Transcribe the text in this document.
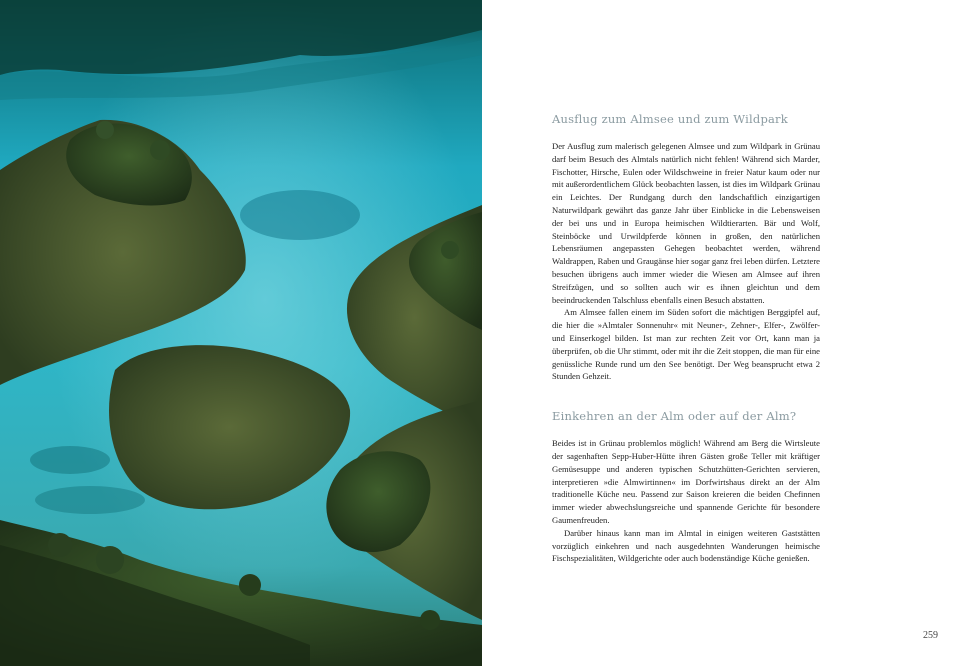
Ausflug zum Almsee und zum Wildpark

Der Ausflug zum malerisch gelegenen Almsee und zum Wildpark in Grünau darf beim Besuch des Almtals natürlich nicht fehlen! Während sich Marder, Fischotter, Hirsche, Eulen oder Wildschweine in freier Natur kaum oder nur mit außerordentlichem Glück beobachten lassen, ist dies im Wildpark Grünau ein Leichtes. Der Rundgang durch den landschaftlich einzigartigen Naturwildpark gewährt das ganze Jahr über Einblicke in die Lebensweisen der bei uns und in Europa heimischen Wildtierarten. Bär und Wolf, Steinböcke und Urwildpferde können in großen, den natürlichen Lebensräumen angepassten Gehegen beobachtet werden, während Waldrappen, Raben und Graugänse hier sogar ganz frei leben dürfen. Letztere besuchen übrigens auch immer wieder die Wiesen am Almsee auf ihren Streifzügen, und so sollten auch wir es ihnen gleichtun und dem beeindruckenden Talschluss ebenfalls einen Besuch abstatten.

Am Almsee fallen einem im Süden sofort die mächtigen Berggipfel auf, die hier die »Almtaler Sonnenuhr« mit Neuner-, Zehner-, Elfer-, Zwölfer- und Einserkogel bilden. Ist man zur rechten Zeit vor Ort, kann man ja überprüfen, ob die Uhr stimmt, oder mit ihr die Zeit stoppen, die man für eine genüssliche Runde rund um den See benötigt. Der Weg beansprucht etwa 2 Stunden Gehzeit.

Einkehren an der Alm oder auf der Alm?

Beides ist in Grünau problemlos möglich! Während am Berg die Wirtsleute der sagenhaften Sepp-Huber-Hütte ihren Gästen große Teller mit kräftiger Gemüsesuppe und anderen typischen Schutzhütten-Gerichten servieren, interpretieren »die Almwirtinnen« im Dorfwirtshaus direkt an der Alm traditionelle Küche neu. Passend zur Saison kreieren die beiden Chefinnen immer wieder abwechslungsreiche und spannende Gerichte für besondere Gaumenfreuden.

Darüber hinaus kann man im Almtal in einigen weiteren Gaststätten vorzüglich einkehren und nach ausgedehnten Wanderungen heimische Fischspezialitäten, Wildgerichte oder auch bodenständige Küche genießen.

259
